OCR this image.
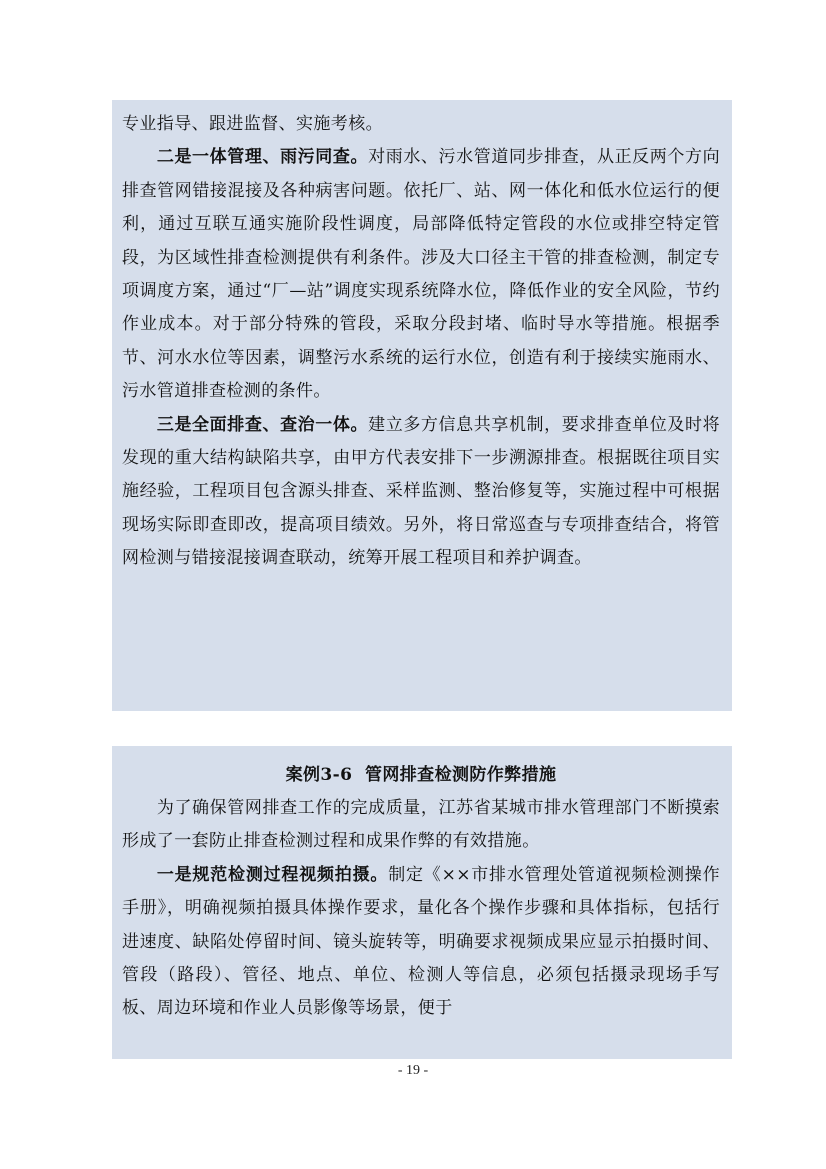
专业指导、跟进监督、实施考核。

二是一体管理、雨污同查。对雨水、污水管道同步排查，从正反两个方向排查管网错接混接及各种病害问题。依托厂、站、网一体化和低水位运行的便利，通过互联互通实施阶段性调度，局部降低特定管段的水位或排空特定管段，为区域性排查检测提供有利条件。涉及大口径主干管的排查检测，制定专项调度方案，通过“厂—站”调度实现系统降水位，降低作业的安全风险，节约作业成本。对于部分特殊的管段，采取分段封堵、临时导水等措施。根据季节、河水水位等因素，调整污水系统的运行水位，创造有利于接续实施雨水、污水管道排查检测的条件。

三是全面排查、查治一体。建立多方信息共享机制，要求排查单位及时将发现的重大结构缺陷共享，由甲方代表安排下一步溯源排查。根据既往项目实施经验，工程项目包含源头排查、采样监测、整治修复等，实施过程中可根据现场实际即查即改，提高项目绩效。另外，将日常巡查与专项排查结合，将管网检测与错接混接调查联动，统筹开展工程项目和养护调查。

案例3-6  管网排查检测防作弊措施

为了确保管网排查工作的完成质量，江苏省某城市排水管理部门不断摸索形成了一套防止排查检测过程和成果作弊的有效措施。

一是规范检测过程视频拍摄。制定《××市排水管理处管道视频检测操作手册》，明确视频拍摄具体操作要求，量化各个操作步骤和具体指标，包括行进速度、缺陷处停留时间、镜头旋转等，明确要求视频成果应显示拍摄时间、管段（路段）、管径、地点、单位、检测人等信息，必须包括摄录现场手写板、周边环境和作业人员影像等场景，便于

- 19 -
